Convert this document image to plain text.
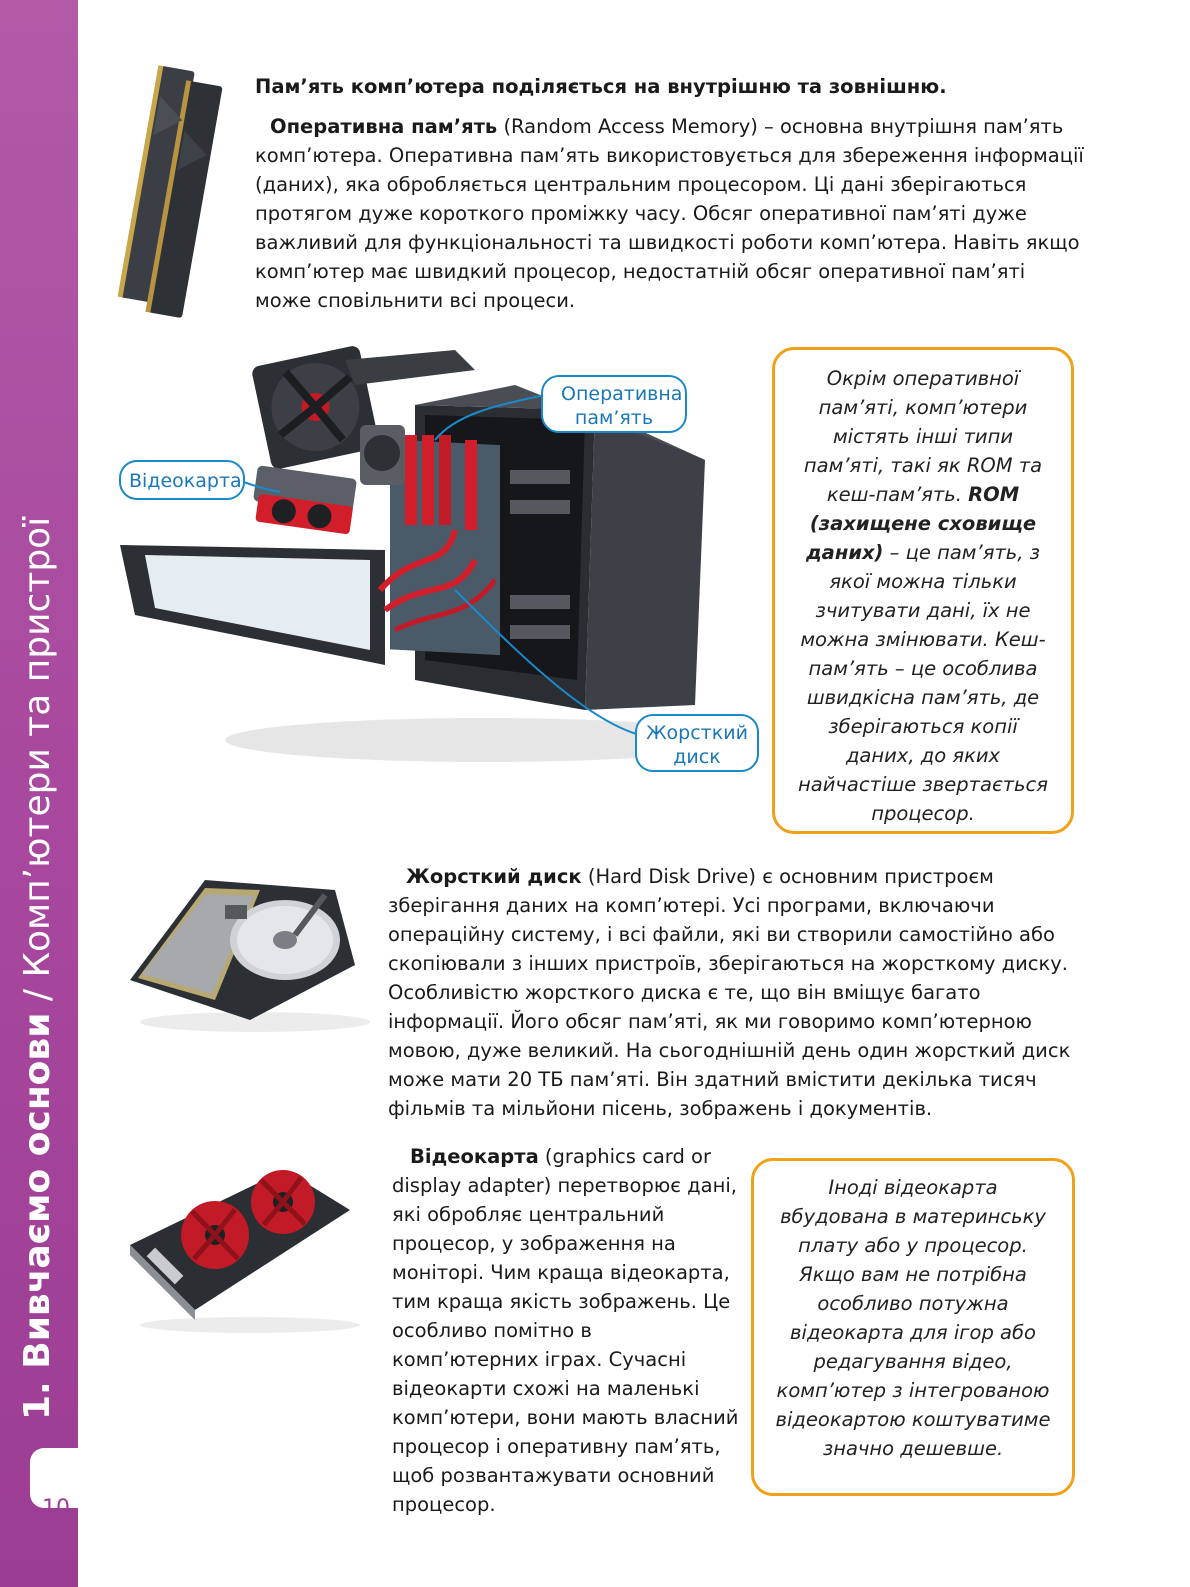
1. Вивчаємо основи / Комп’ютери та пристрої
10
Пам’ять комп’ютера поділяється на внутрішню та зовнішню.
Оперативна пам’ять (Random Access Memory) – основна внутрішня пам’ять комп’ютера. Оперативна пам’ять використовується для збереження інформації (даних), яка обробляється центральним процесором. Ці дані зберігаються протягом дуже короткого проміжку часу. Обсяг оперативної пам’яті дуже важливий для функціональності та швидкості роботи комп’ютера. Навіть якщо комп’ютер має швидкий процесор, недостатній обсяг оперативної пам’яті може сповільнити всі процеси.
Оперативна пам’ять
Відеокарта
Жорсткий диск
Окрім оперативної пам’яті, комп’ютери містять інші типи пам’яті, такі як ROM та кеш-пам’ять. ROM (захищене сховище даних) – це пам’ять, з якої можна тільки зчитувати дані, їх не можна змінювати. Кеш-пам’ять – це особлива швидкісна пам’ять, де зберігаються копії даних, до яких найчастіше звертається процесор.
Жорсткий диск (Hard Disk Drive) є основним пристроєм зберігання даних на комп’ютері. Усі програми, включаючи операційну систему, і всі файли, які ви створили самостійно або скопіювали з інших пристроїв, зберігаються на жорсткому диску. Особливістю жорсткого диска є те, що він вміщує багато інформації. Його обсяг пам’яті, як ми говоримо комп’ютерною мовою, дуже великий. На сьогоднішній день один жорсткий диск може мати 20 ТБ пам’яті. Він здатний вмістити декілька тисяч фільмів та мільйони пісень, зображень і документів.
Відеокарта (graphics card or display adapter) перетворює дані, які обробляє центральний процесор, у зображення на моніторі. Чим краща відеокарта, тим краща якість зображень. Це особливо помітно в комп’ютерних іграх. Сучасні відеокарти схожі на маленькі комп’ютери, вони мають власний процесор і оперативну пам’ять, щоб розвантажувати основний процесор.
Іноді відеокарта вбудована в материнську плату або у процесор. Якщо вам не потрібна особливо потужна відеокарта для ігор або редагування відео, комп’ютер з інтегрованою відеокартою коштуватиме значно дешевше.
